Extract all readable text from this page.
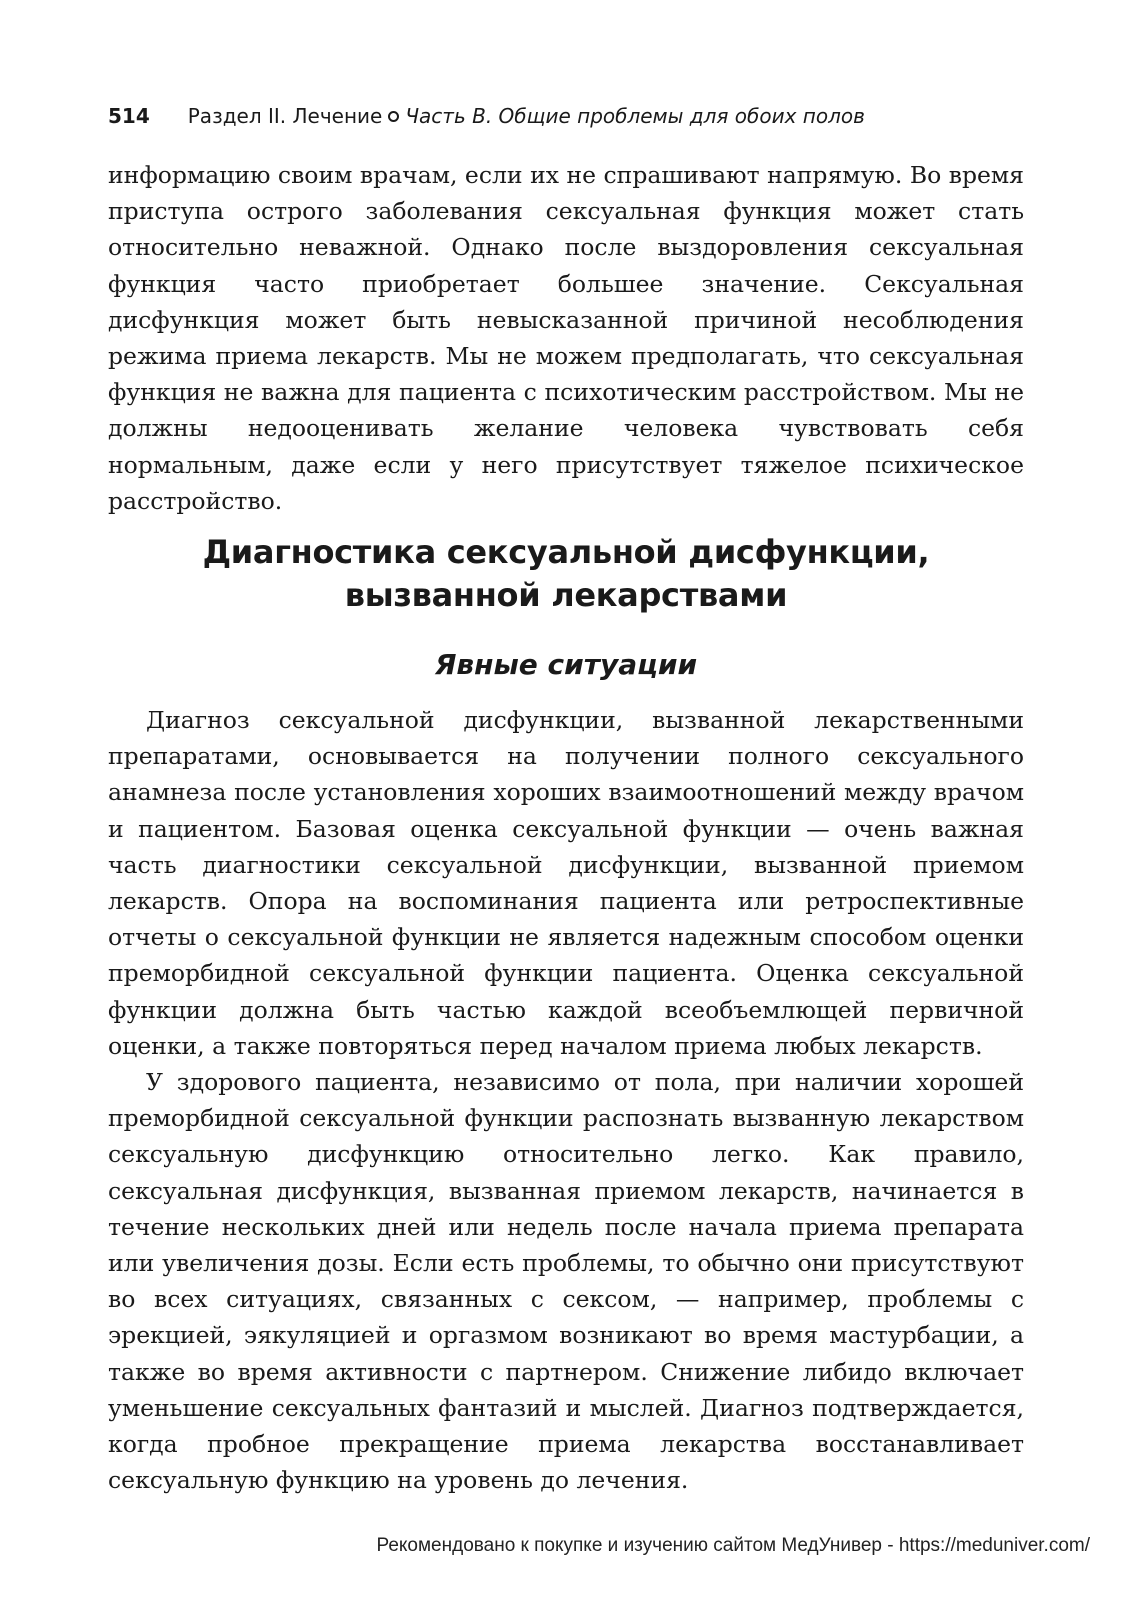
514 Раздел II. Лечение Часть В. Общие проблемы для обоих полов

информацию своим врачам, если их не спрашивают напрямую. Во время приступа острого заболевания сексуальная функция может стать относительно неважной. Однако после выздоровления сексуальная функция часто приобретает большее значение. Сексуальная дисфункция может быть невысказанной причиной несоблюдения режима приема лекарств. Мы не можем предполагать, что сексуальная функция не важна для пациента с психотическим расстройством. Мы не должны недооценивать желание человека чувствовать себя нормальным, даже если у него присутствует тяжелое психическое расстройство.

Диагностика сексуальной дисфункции,
вызванной лекарствами
Явные ситуации

Диагноз сексуальной дисфункции, вызванной лекарственными препаратами, основывается на получении полного сексуального анамнеза после установления хороших взаимоотношений между врачом и пациентом. Базовая оценка сексуальной функции — очень важная часть диагностики сексуальной дисфункции, вызванной приемом лекарств. Опора на воспоминания пациента или ретроспективные отчеты о сексуальной функции не является надежным способом оценки преморбидной сексуальной функции пациента. Оценка сексуальной функции должна быть частью каждой всеобъемлющей первичной оценки, а также повторяться перед началом приема любых лекарств.

У здорового пациента, независимо от пола, при наличии хорошей преморбидной сексуальной функции распознать вызванную лекарством сексуальную дисфункцию относительно легко. Как правило, сексуальная дисфункция, вызванная приемом лекарств, начинается в течение нескольких дней или недель после начала приема препарата или увеличения дозы. Если есть проблемы, то обычно они присутствуют во всех ситуациях, связанных с сексом, — например, проблемы с эрекцией, эякуляцией и оргазмом возникают во время мастурбации, а также во время активности с партнером. Снижение либидо включает уменьшение сексуальных фантазий и мыслей. Диагноз подтверждается, когда пробное прекращение приема лекарства восстанавливает сексуальную функцию на уровень до лечения.

Рекомендовано к покупке и изучению сайтом МедУнивер - https://meduniver.com/
